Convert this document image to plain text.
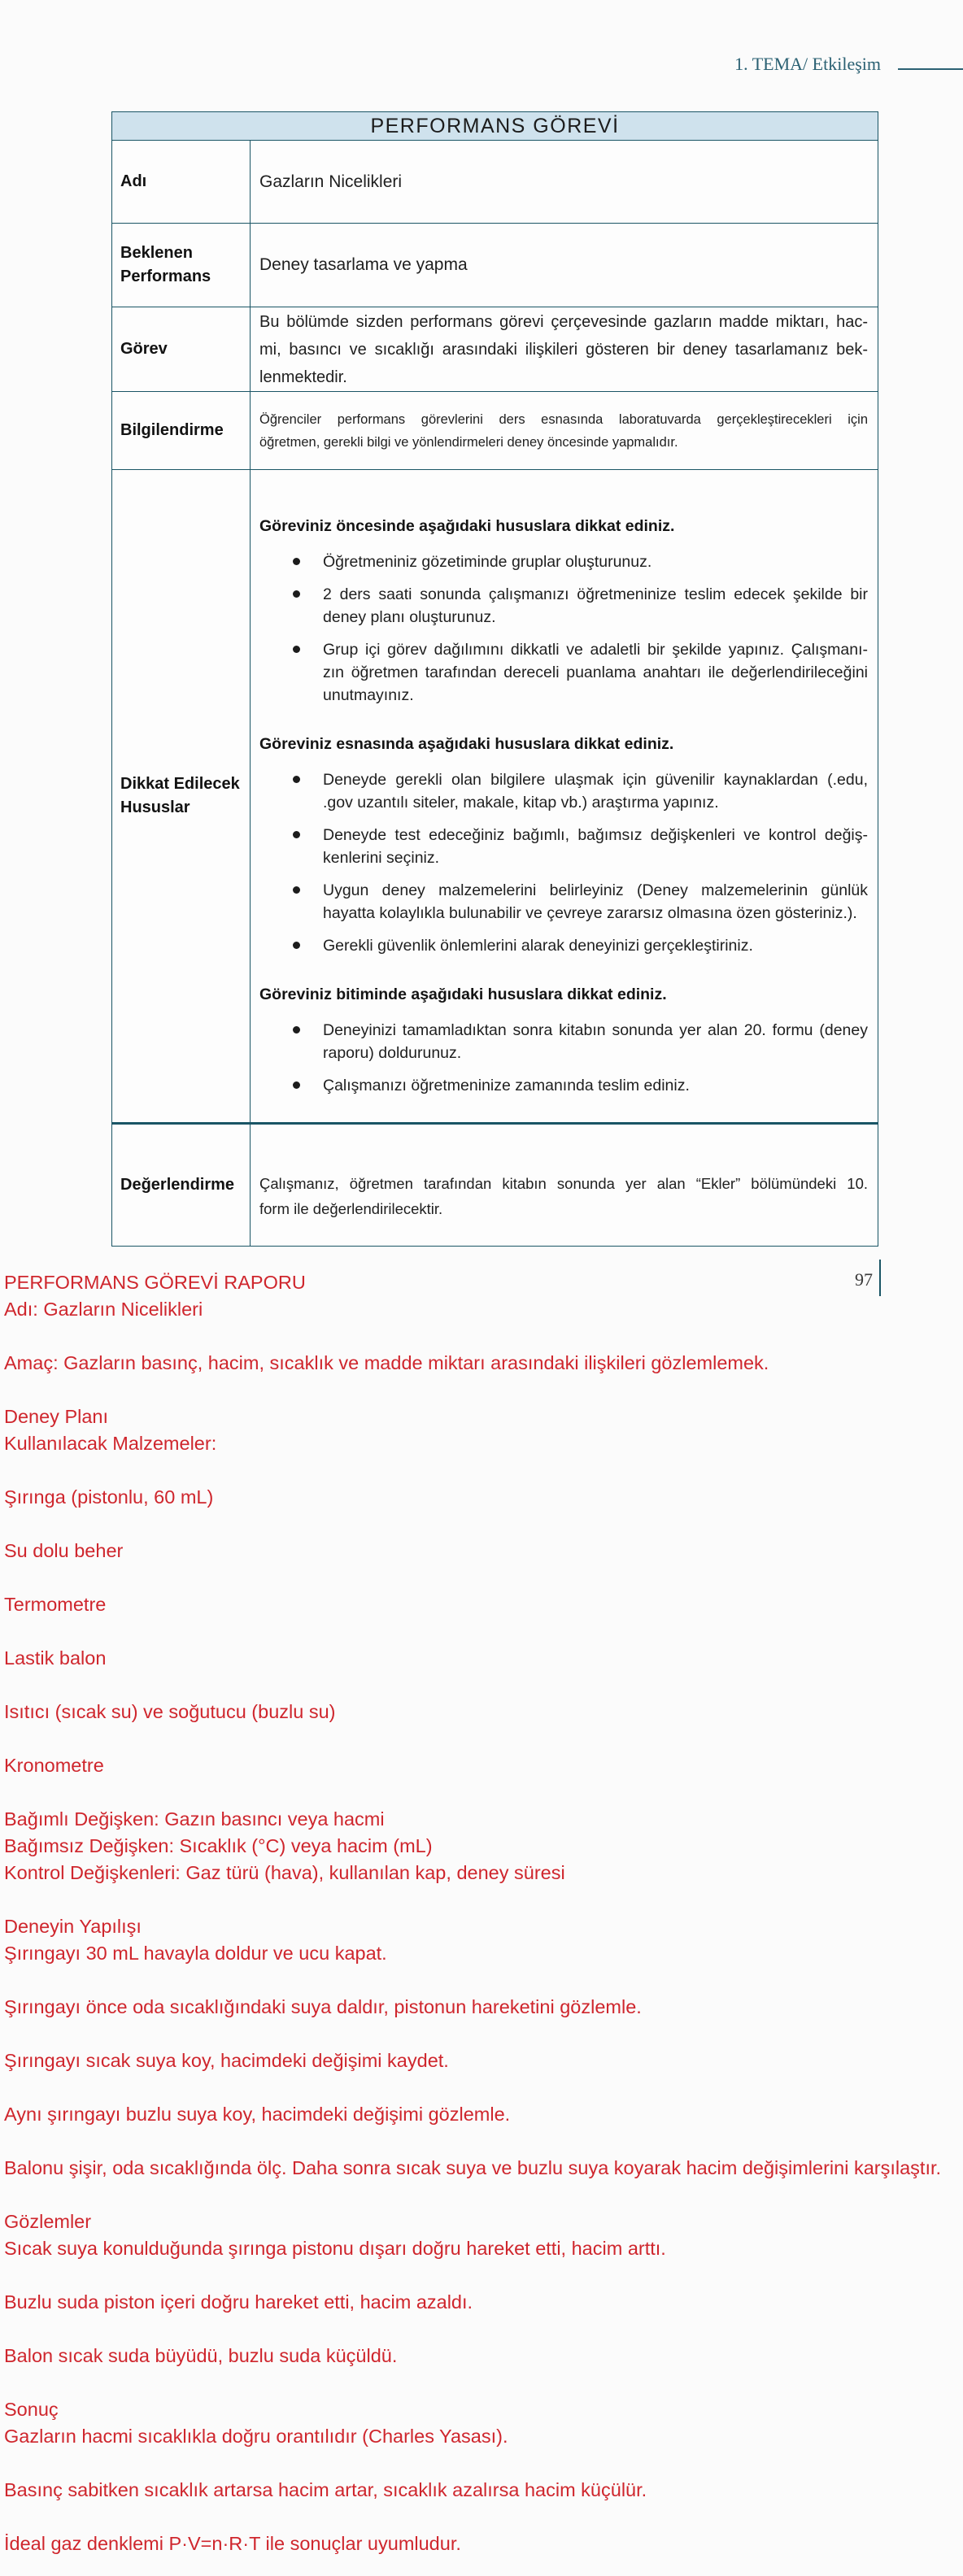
1. TEMA/ Etkileşim
PERFORMANS GÖREVİ
Adı	Gazların Nicelikleri
Beklenen Performans
Deney tasarlama ve yapma
Görev
Bu bölümde sizden performans görevi çerçevesinde gazların madde miktarı, hac-
mi, basıncı ve sıcaklığı arasındaki ilişkileri gösteren bir deney tasarlamanız bek-
lenmektedir.
Bilgilendirme
Öğrenciler performans görevlerini ders esnasında laboratuvarda gerçekleştirecekleri için
öğretmen, gerekli bilgi ve yönlendirmeleri deney öncesinde yapmalıdır.
Dikkat Edilecek Hususlar
Göreviniz öncesinde aşağıdaki hususlara dikkat ediniz.
Öğretmeniniz gözetiminde gruplar oluşturunuz.
2 ders saati sonunda çalışmanızı öğretmeninize teslim edecek şekilde bir
deney planı oluşturunuz.
Grup içi görev dağılımını dikkatli ve adaletli bir şekilde yapınız. Çalışmanı-
zın öğretmen tarafından dereceli puanlama anahtarı ile değerlendirileceğini
unutmayınız.
Göreviniz esnasında aşağıdaki hususlara dikkat ediniz.
Deneyde gerekli olan bilgilere ulaşmak için güvenilir kaynaklardan (.edu,
.gov uzantılı siteler, makale, kitap vb.) araştırma yapınız.
Deneyde test edeceğiniz bağımlı, bağımsız değişkenleri ve kontrol değiş-
kenlerini seçiniz.
Uygun deney malzemelerini belirleyiniz (Deney malzemelerinin günlük
hayatta kolaylıkla bulunabilir ve çevreye zararsız olmasına özen gösteriniz.).
Gerekli güvenlik önlemlerini alarak deneyinizi gerçekleştiriniz.
Göreviniz bitiminde aşağıdaki hususlara dikkat ediniz.
Deneyinizi tamamladıktan sonra kitabın sonunda yer alan 20. formu (deney
raporu) doldurunuz.
Çalışmanızı öğretmeninize zamanında teslim ediniz.
Değerlendirme	Çalışmanız, öğretmen tarafından kitabın sonunda yer alan “Ekler” bölümündeki 10.
form ile değerlendirilecektir.
97
PERFORMANS GÖREVİ RAPORU
Adı: Gazların Nicelikleri
Amaç: Gazların basınç, hacim, sıcaklık ve madde miktarı arasındaki ilişkileri gözlemlemek.
Deney Planı
Kullanılacak Malzemeler:
Şırınga (pistonlu, 60 mL)
Su dolu beher
Termometre
Lastik balon
Isıtıcı (sıcak su) ve soğutucu (buzlu su)
Kronometre
Bağımlı Değişken: Gazın basıncı veya hacmi
Bağımsız Değişken: Sıcaklık (°C) veya hacim (mL)
Kontrol Değişkenleri: Gaz türü (hava), kullanılan kap, deney süresi
Deneyin Yapılışı
Şırıngayı 30 mL havayla doldur ve ucu kapat.
Şırıngayı önce oda sıcaklığındaki suya daldır, pistonun hareketini gözlemle.
Şırıngayı sıcak suya koy, hacimdeki değişimi kaydet.
Aynı şırıngayı buzlu suya koy, hacimdeki değişimi gözlemle.
Balonu şişir, oda sıcaklığında ölç. Daha sonra sıcak suya ve buzlu suya koyarak hacim değişimlerini karşılaştır.
Gözlemler
Sıcak suya konulduğunda şırınga pistonu dışarı doğru hareket etti, hacim arttı.
Buzlu suda piston içeri doğru hareket etti, hacim azaldı.
Balon sıcak suda büyüdü, buzlu suda küçüldü.
Sonuç
Gazların hacmi sıcaklıkla doğru orantılıdır (Charles Yasası).
Basınç sabitken sıcaklık artarsa hacim artar, sıcaklık azalırsa hacim küçülür.
İdeal gaz denklemi P·V=n·R·T ile sonuçlar uyumludur.
